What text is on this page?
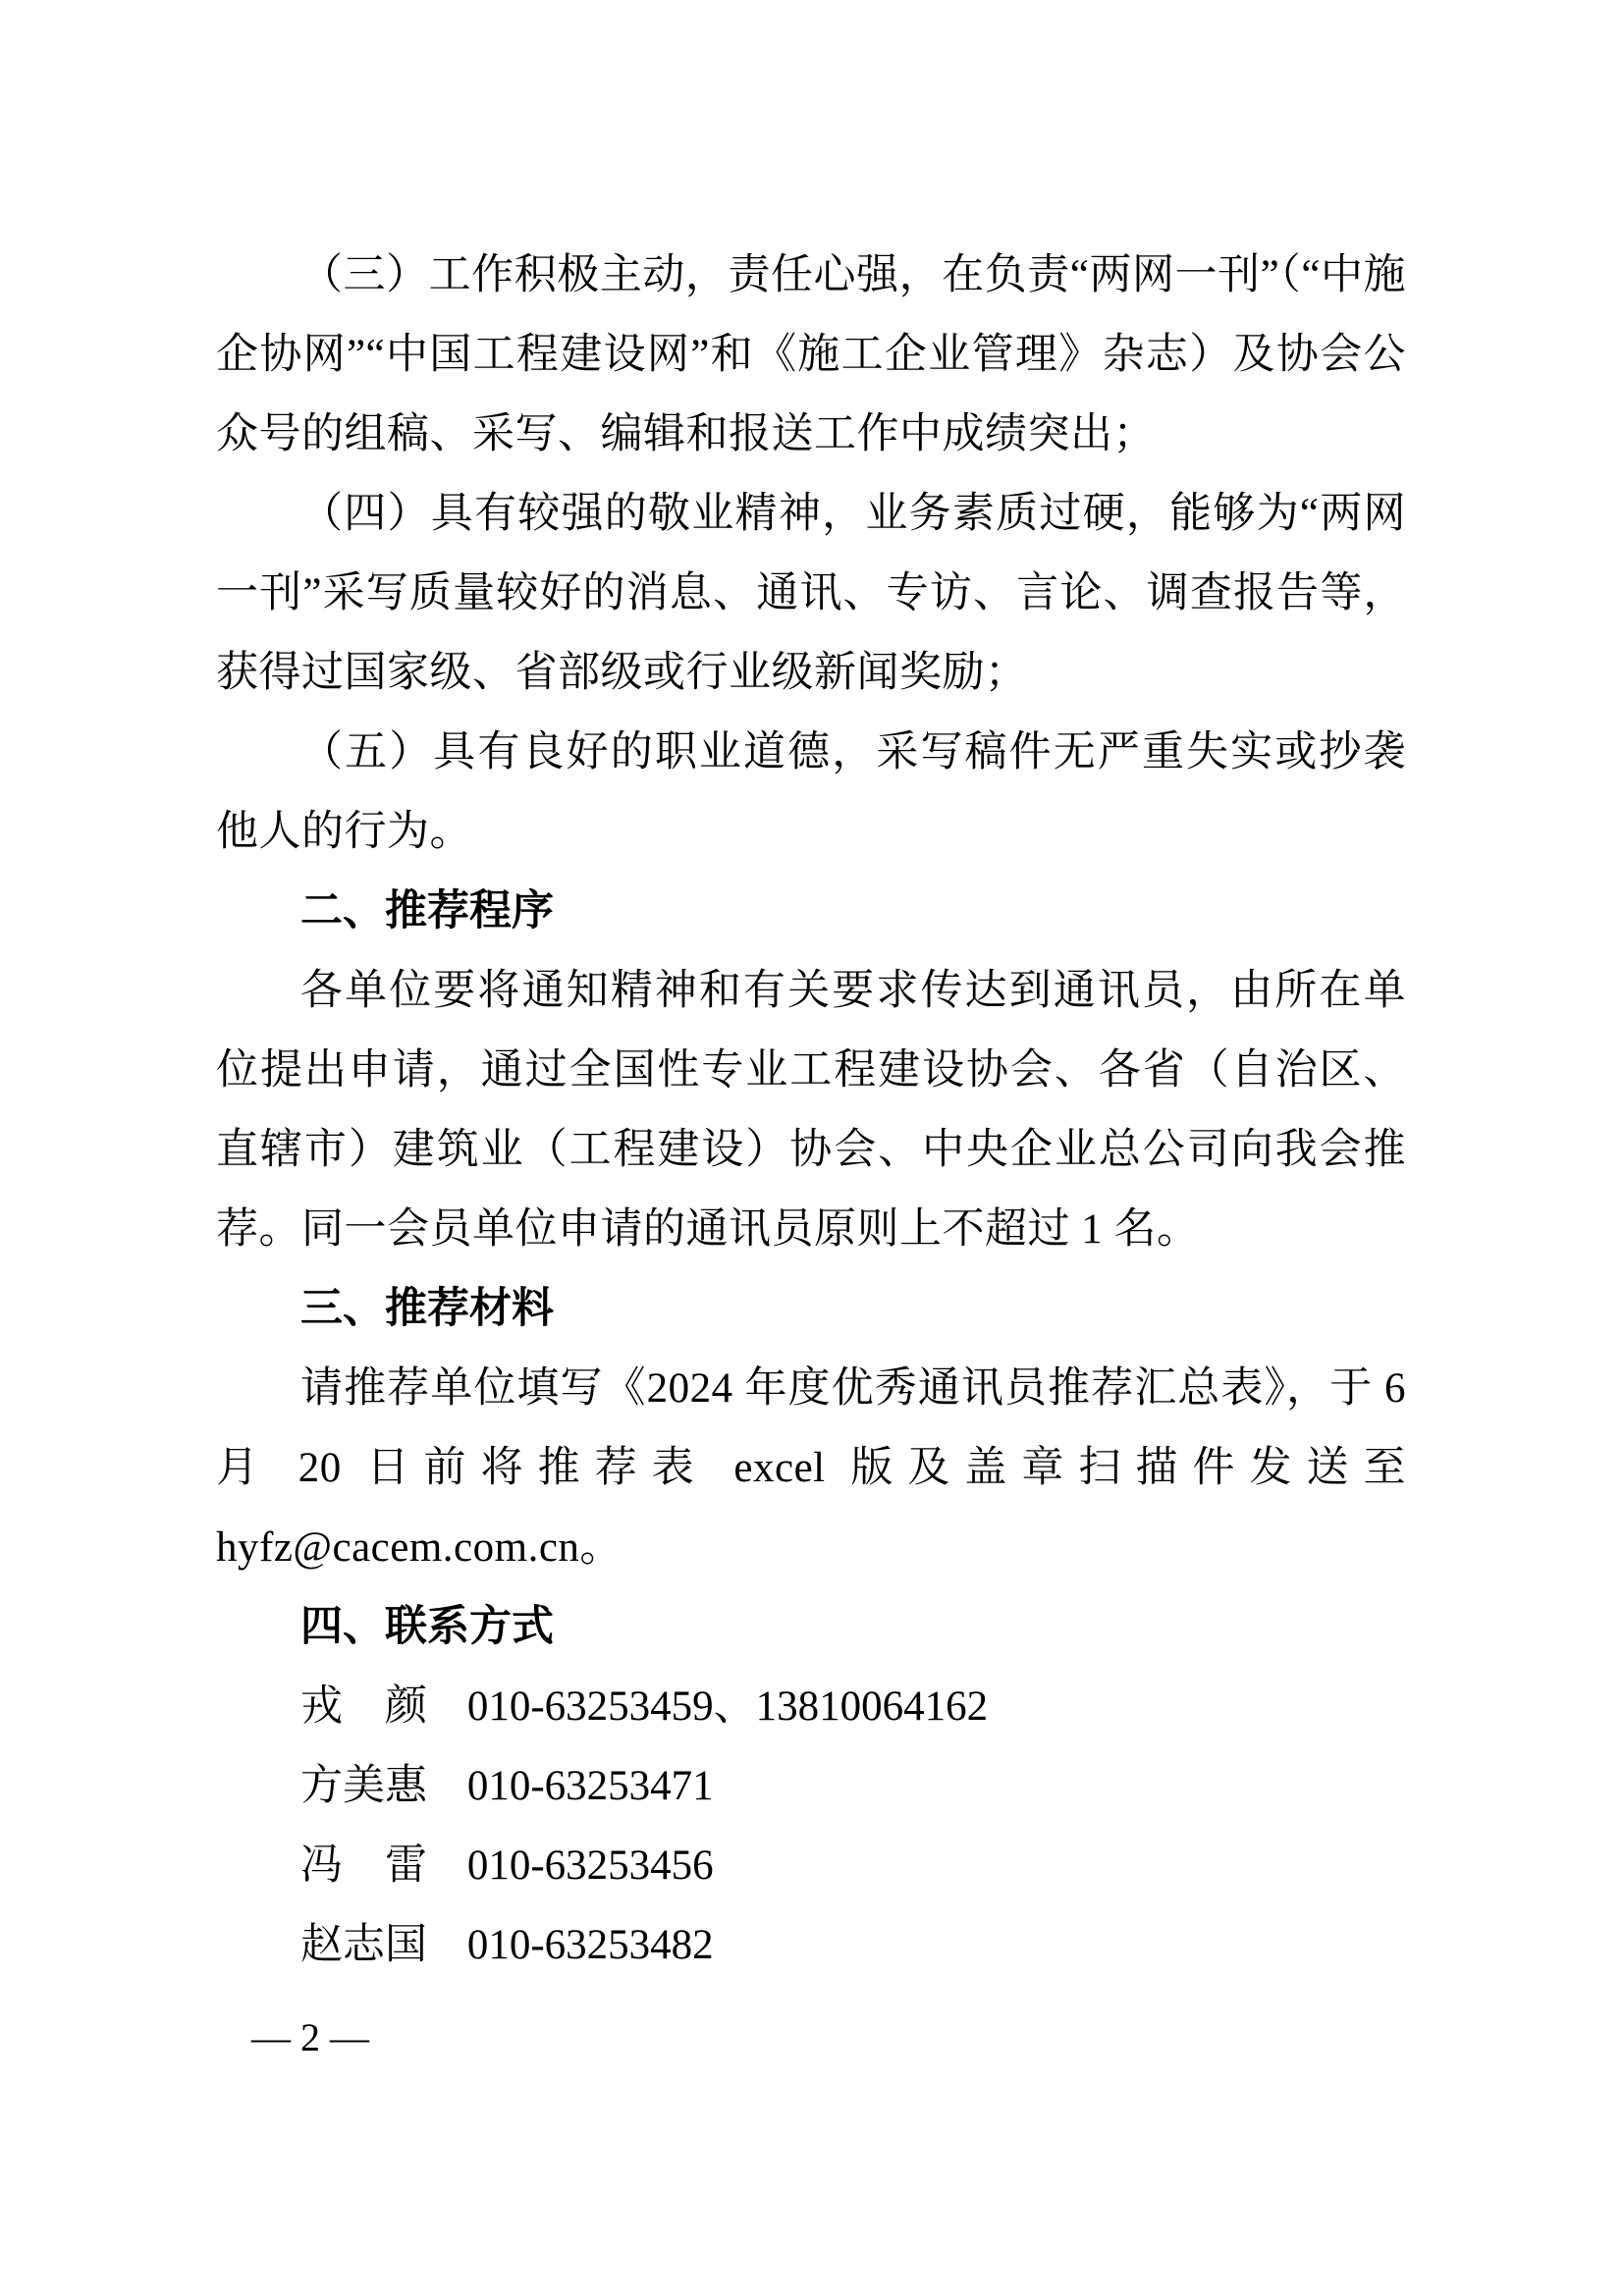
（三）工作积极主动，责任心强，在负责“两网一刊”（“中施企协网”“中国工程建设网”和《施工企业管理》杂志）及协会公众号的组稿、采写、编辑和报送工作中成绩突出；

（四）具有较强的敬业精神，业务素质过硬，能够为“两网一刊”采写质量较好的消息、通讯、专访、言论、调查报告等，获得过国家级、省部级或行业级新闻奖励；

（五）具有良好的职业道德，采写稿件无严重失实或抄袭他人的行为。

二、推荐程序

各单位要将通知精神和有关要求传达到通讯员，由所在单位提出申请，通过全国性专业工程建设协会、各省（自治区、直辖市）建筑业（工程建设）协会、中央企业总公司向我会推荐。同一会员单位申请的通讯员原则上不超过 1 名。

三、推荐材料

请推荐单位填写《2024 年度优秀通讯员推荐汇总表》，于 6 月 20 日前将推荐表 excel 版及盖章扫描件发送至 hyfz@cacem.com.cn。

四、联系方式
戎　颜 010-63253459、13810064162
方美惠 010-63253471
冯　雷 010-63253456
赵志国 010-63253482
— 2 —
